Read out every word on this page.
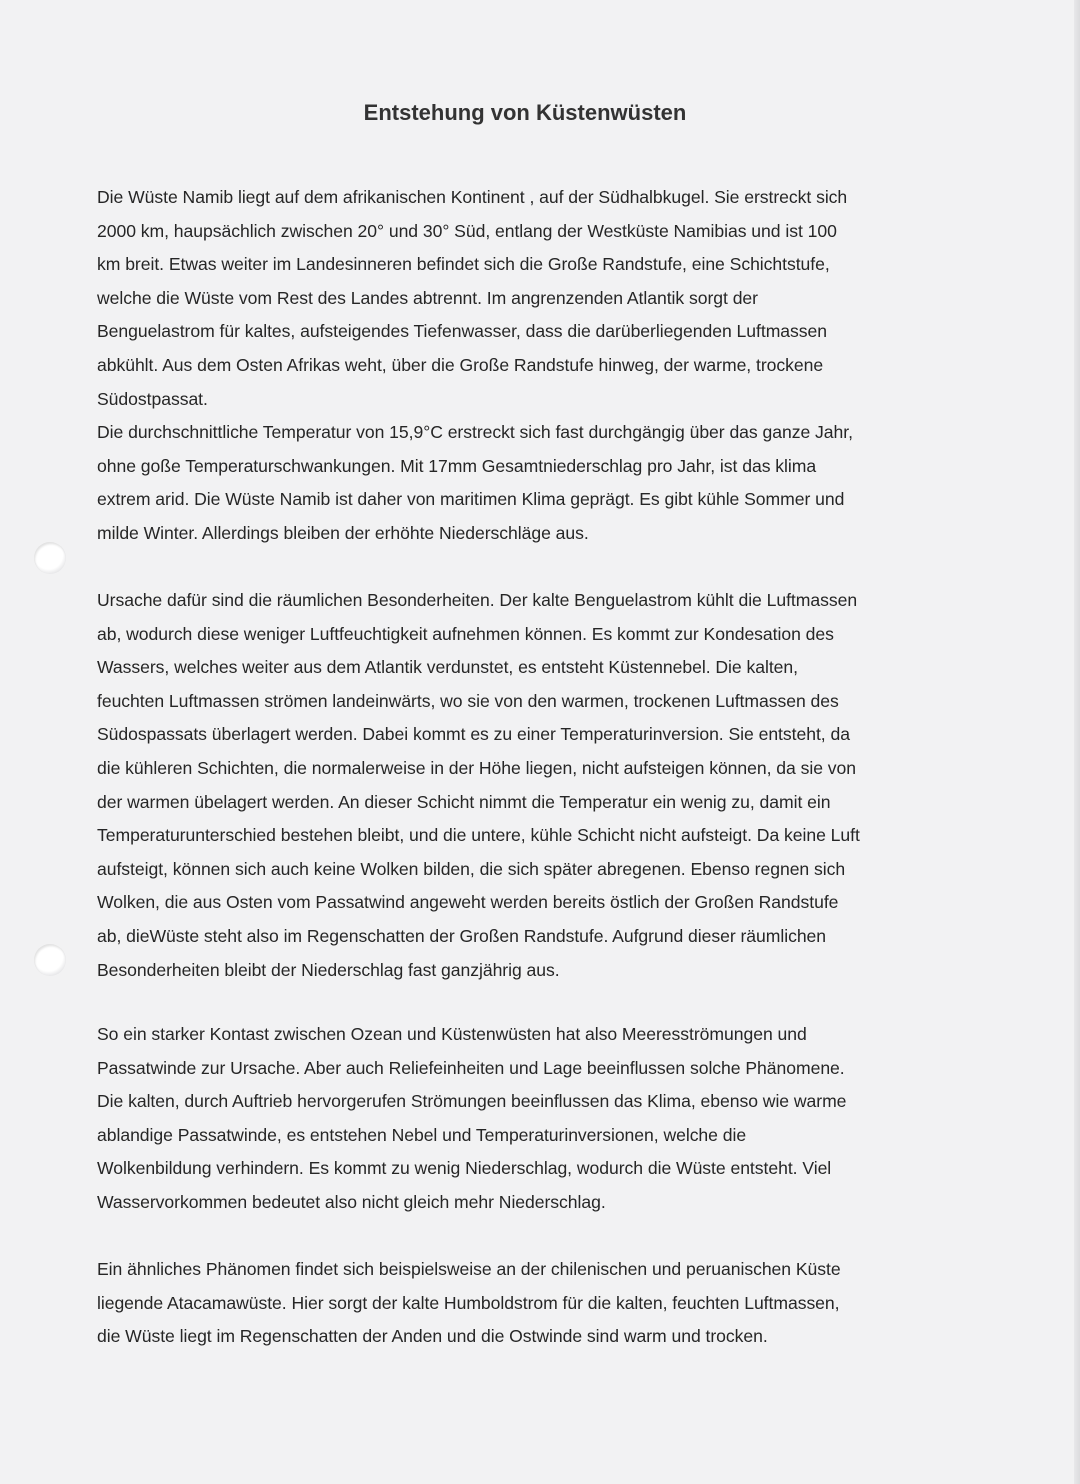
Entstehung von Küstenwüsten

Die Wüste Namib liegt auf dem afrikanischen Kontinent , auf der Südhalbkugel. Sie erstreckt sich
2000 km, haupsächlich zwischen 20° und 30° Süd, entlang der Westküste Namibias und ist 100
km breit. Etwas weiter im Landesinneren befindet sich die Große Randstufe, eine Schichtstufe,
welche die Wüste vom Rest des Landes abtrennt. Im angrenzenden Atlantik sorgt der
Benguelastrom für kaltes, aufsteigendes Tiefenwasser, dass die darüberliegenden Luftmassen
abkühlt. Aus dem Osten Afrikas weht, über die Große Randstufe hinweg, der warme, trockene
Südostpassat.
Die durchschnittliche Temperatur von 15,9°C erstreckt sich fast durchgängig über das ganze Jahr,
ohne goße Temperaturschwankungen. Mit 17mm Gesamtniederschlag pro Jahr, ist das klima
extrem arid. Die Wüste Namib ist daher von maritimen Klima geprägt. Es gibt kühle Sommer und
milde Winter. Allerdings bleiben der erhöhte Niederschläge aus.

Ursache dafür sind die räumlichen Besonderheiten. Der kalte Benguelastrom kühlt die Luftmassen
ab, wodurch diese weniger Luftfeuchtigkeit aufnehmen können. Es kommt zur Kondesation des
Wassers, welches weiter aus dem Atlantik verdunstet, es entsteht Küstennebel. Die kalten,
feuchten Luftmassen strömen landeinwärts, wo sie von den warmen, trockenen Luftmassen des
Südospassats überlagert werden. Dabei kommt es zu einer Temperaturinversion. Sie entsteht, da
die kühleren Schichten, die normalerweise in der Höhe liegen, nicht aufsteigen können, da sie von
der warmen übelagert werden. An dieser Schicht nimmt die Temperatur ein wenig zu, damit ein
Temperaturunterschied bestehen bleibt, und die untere, kühle Schicht nicht aufsteigt. Da keine Luft
aufsteigt, können sich auch keine Wolken bilden, die sich später abregenen. Ebenso regnen sich
Wolken, die aus Osten vom Passatwind angeweht werden bereits östlich der Großen Randstufe
ab, dieWüste steht also im Regenschatten der Großen Randstufe. Aufgrund dieser räumlichen
Besonderheiten bleibt der Niederschlag fast ganzjährig aus.

So ein starker Kontast zwischen Ozean und Küstenwüsten hat also Meeresströmungen und
Passatwinde zur Ursache. Aber auch Reliefeinheiten und Lage beeinflussen solche Phänomene.
Die kalten, durch Auftrieb hervorgerufen Strömungen beeinflussen das Klima, ebenso wie warme
ablandige Passatwinde, es entstehen Nebel und Temperaturinversionen, welche die
Wolkenbildung verhindern. Es kommt zu wenig Niederschlag, wodurch die Wüste entsteht. Viel
Wasservorkommen bedeutet also nicht gleich mehr Niederschlag.

Ein ähnliches Phänomen findet sich beispielsweise an der chilenischen und peruanischen Küste
liegende Atacamawüste. Hier sorgt der kalte Humboldstrom für die kalten, feuchten Luftmassen,
die Wüste liegt im Regenschatten der Anden und die Ostwinde sind warm und trocken.
